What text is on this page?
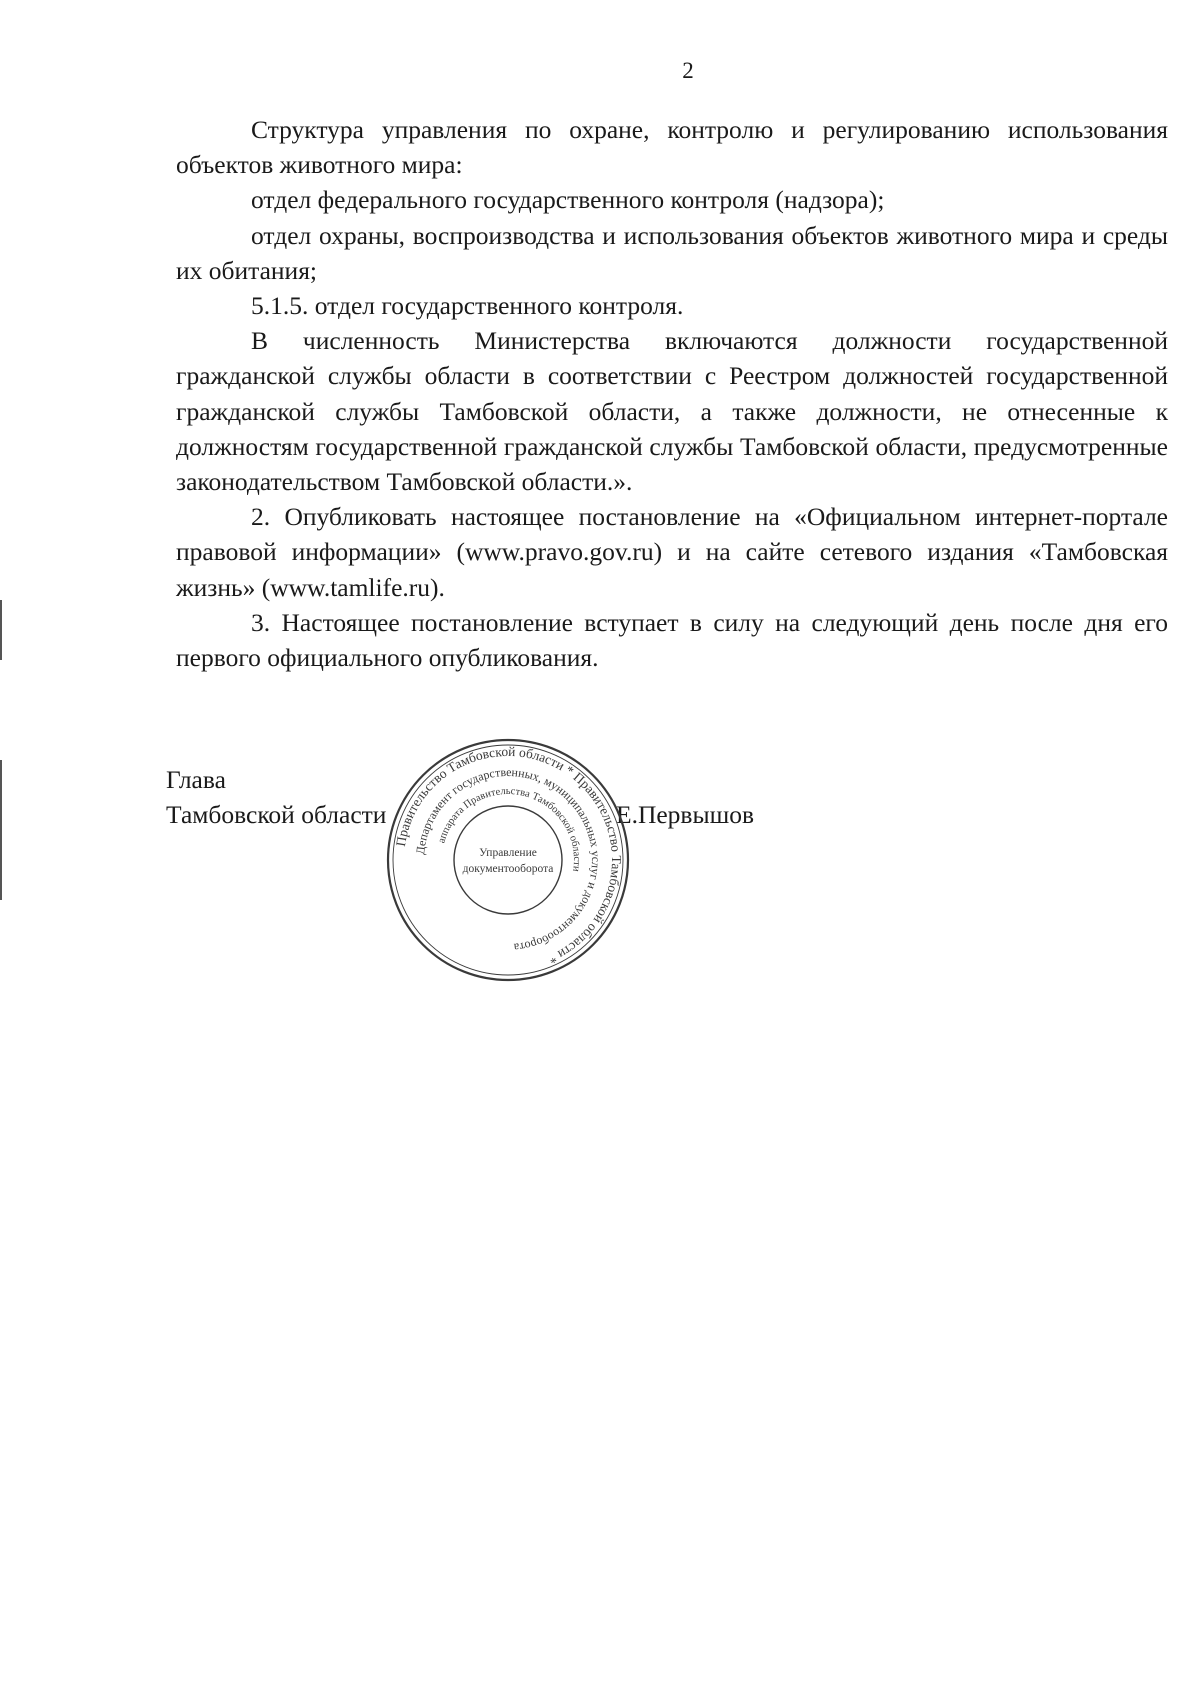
2

Структура управления по охране, контролю и регулированию использования объектов животного мира:

отдел федерального государственного контроля (надзора);

отдел охраны, воспроизводства и использования объектов животного мира и среды их обитания;

5.1.5. отдел государственного контроля.

В численность Министерства включаются должности государственной гражданской службы области в соответствии с Реестром должностей государственной гражданской службы Тамбовской области, а также должности, не отнесенные к должностям государственной гражданской службы Тамбовской области, предусмотренные законодательством Тамбовской области.».

2. Опубликовать настоящее постановление на «Официальном интернет-портале правовой информации» (www.pravo.gov.ru) и на сайте сетевого издания «Тамбовская жизнь» (www.tamlife.ru).

3. Настоящее постановление вступает в силу на следующий день после дня его первого официального опубликования.

Глава
Тамбовской области	Е.Первышов
Правительство Тамбовской области * Правительство Тамбовской области *
Департамент государственных, муниципальных услуг и документооборота
аппарата Правительства Тамбовской области
Управление
документооборота
